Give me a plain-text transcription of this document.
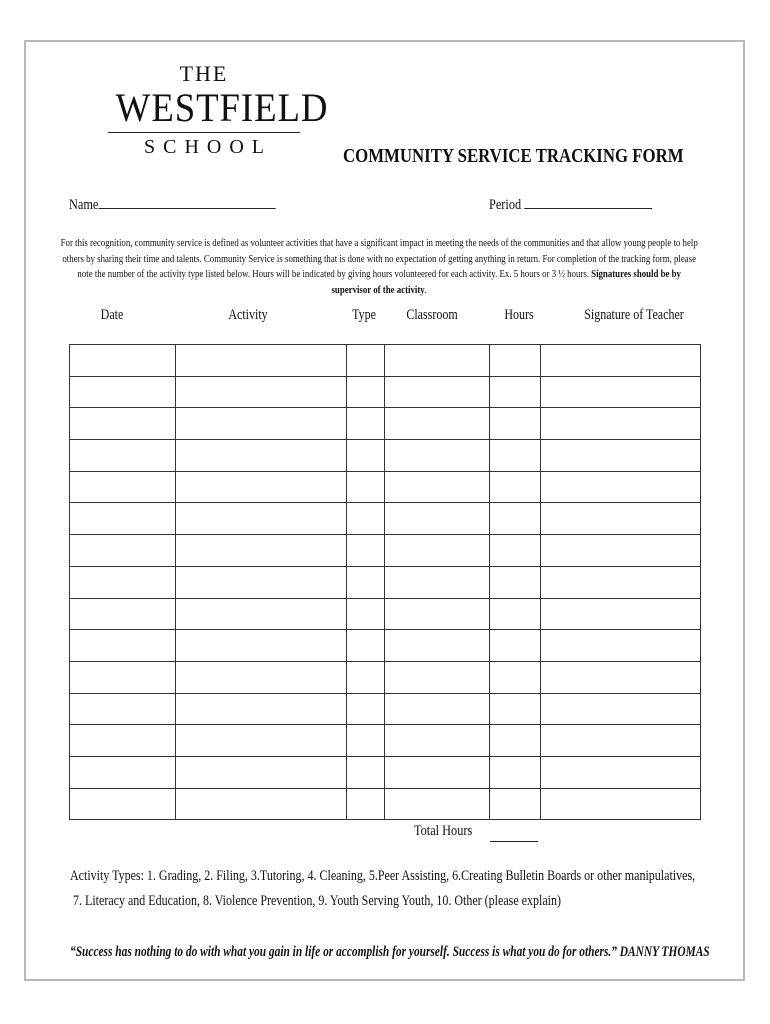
THE
WESTFIELD
SCHOOL	COMMUNITY SERVICE TRACKING FORM
Name	Period
For this recognition, community service is defined as volunteer activities that have a significant impact in meeting the needs of the communities and that allow young people to help others by sharing their time and talents. Community Service is something that is done with no expectation of getting anything in return. For completion of the tracking form, please note the number of the activity type listed below. Hours will be indicated by giving hours volunteered for each activity. Ex. 5 hours or 3 ½ hours. Signatures should be by supervisor of the activity.
Date	Activity	Type	Classroom	Hours	Signature of Teacher

Total Hours
Activity Types: 1. Grading, 2. Filing, 3.Tutoring, 4. Cleaning, 5.Peer Assisting, 6.Creating Bulletin Boards or other manipulatives,
7. Literacy and Education, 8. Violence Prevention, 9. Youth Serving Youth, 10. Other (please explain)
“Success has nothing to do with what you gain in life or accomplish for yourself. Success is what you do for others.” DANNY THOMAS
